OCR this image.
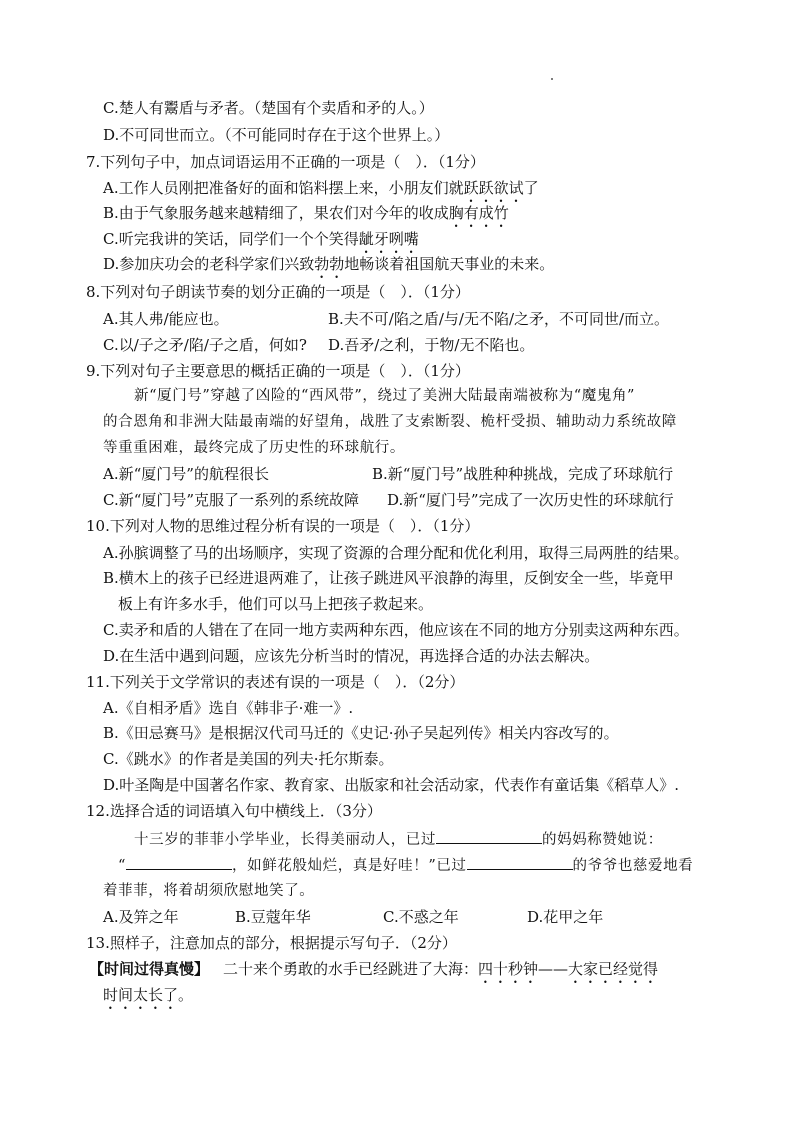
C.楚人有鬻盾与矛者。（楚国有个卖盾和矛的人。）
D.不可同世而立。（不可能同时存在于这个世界上。）
7.下列句子中，加点词语运用不正确的一项是（　）．（1分）
A.工作人员刚把准备好的面和馅料摆上来，小朋友们就跃跃欲试了
B.由于气象服务越来越精细了，果农们对今年的收成胸有成竹
C.听完我讲的笑话，同学们一个个笑得龇牙咧嘴
D.参加庆功会的老科学家们兴致勃勃地畅谈着祖国航天事业的未来。
8.下列对句子朗读节奏的划分正确的一项是（　）．（1分）
A.其人弗/能应也。	B.夫不可/陷之盾/与/无不陷/之矛，不可同世/而立。
C.以/子之矛/陷/子之盾，何如? D.吾矛/之利，于物/无不陷也。
9.下列对句子主要意思的概括正确的一项是（　）．（1分）
新“厦门号”穿越了凶险的“西风带”，绕过了美洲大陆最南端被称为“魔鬼角”
的合恩角和非洲大陆最南端的好望角，战胜了支索断裂、桅杆受损、辅助动力系统故障
等重重困难，最终完成了历史性的环球航行。
A.新“厦门号”的航程很长	B.新“厦门号”战胜种种挑战，完成了环球航行
C.新“厦门号”克服了一系列的系统故障 D.新“厦门号”完成了一次历史性的环球航行
10.下列对人物的思维过程分析有误的一项是（　）．（1分）
A.孙膑调整了马的出场顺序，实现了资源的合理分配和优化利用，取得三局两胜的结果。
B.横木上的孩子已经进退两难了，让孩子跳进风平浪静的海里，反倒安全一些，毕竟甲
板上有许多水手，他们可以马上把孩子救起来。
C.卖矛和盾的人错在了在同一地方卖两种东西，他应该在不同的地方分别卖这两种东西。
D.在生活中遇到问题，应该先分析当时的情况，再选择合适的办法去解决。
11.下列关于文学常识的表述有误的一项是（　）．（2分）
A.《自相矛盾》选自《韩非子·难一》.
B.《田忌赛马》是根据汉代司马迁的《史记·孙子吴起列传》相关内容改写的。
C.《跳水》的作者是美国的列夫·托尔斯泰。
D.叶圣陶是中国著名作家、教育家、出版家和社会活动家，代表作有童话集《稻草人》.
12.选择合适的词语填入句中横线上．（3分）
十三岁的菲菲小学毕业，长得美丽动人，已过	的妈妈称赞她说：
“	，如鲜花般灿烂，真是好哇！”已过	的爷爷也慈爱地看
着菲菲，将着胡须欣慰地笑了。
A.及笄之年	B.豆蔻年华	C.不惑之年	D.花甲之年
13.照样子，注意加点的部分，根据提示写句子．（2分）
【时间过得真慢】 二十来个勇敢的水手已经跳进了大海：四十秒钟——大家已经觉得
时间太长了。
